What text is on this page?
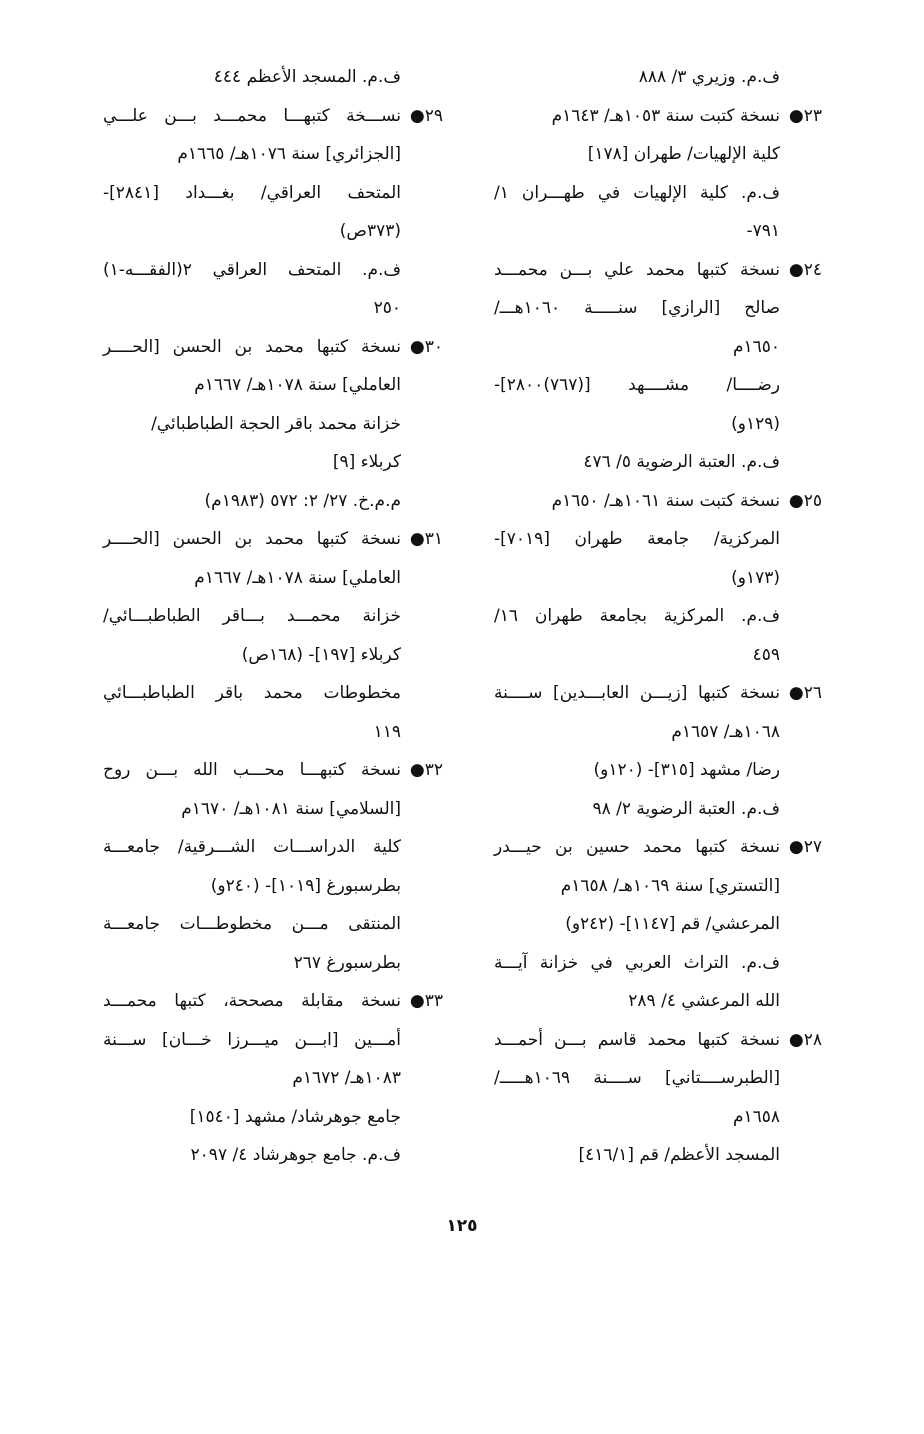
ف.م. وزيري ٣/ ٨٨٨
٢٣●
نسخة كتبت سنة ١٠٥٣هـ/ ١٦٤٣م
كلية الإلهيات/ طهران [١٧٨]
ف.م. كلية الإلهيات في طهـــران ١/
٧٩١-
٢٤●
نسخة كتبها محمد علي بـــن محمـــد
صالح [الرازي] سنـــــة ١٠٦٠هـــ/
١٦٥٠م
رضــــا/ مشــــهد [(٧٦٧)٢٨٠٠]-
(١٢٩و)
ف.م. العتبة الرضوية ٥/ ٤٧٦
٢٥●
نسخة كتبت سنة ١٠٦١هـ/ ١٦٥٠م
المركزية/ جامعة طهران [٧٠١٩]-
(١٧٣و)
ف.م. المركزية بجامعة طهران ١٦/
٤٥٩
٢٦●
نسخة كتبها [زيـــن العابـــدين] ســــنة
١٠٦٨هـ/ ١٦٥٧م
رضا/ مشهد [٣١٥]- (١٢٠و)
ف.م. العتبة الرضوية ٢/ ٩٨
٢٧●
نسخة كتبها محمد حسين بن حيـــدر
[التستري] سنة ١٠٦٩هـ/ ١٦٥٨م
المرعشي/ قم [١١٤٧]- (٢٤٢و)
ف.م. التراث العربي في خزانة آيـــة
الله المرعشي ٤/ ٢٨٩
٢٨●
نسخة كتبها محمد قاسم بـــن أحمـــد
[الطبرســــتاني] ســــنة ١٠٦٩هـــــ/
١٦٥٨م
المسجد الأعظم/ قم [٤١٦/١]
ف.م. المسجد الأعظم ٤٤٤
٢٩●
نســـخة كتبهـــا محمـــد بـــن علـــي
[الجزائري] سنة ١٠٧٦هـ/ ١٦٦٥م
المتحف العراقي/ بغـــداد [٢٨٤١]-
(٣٧٣ص)
ف.م. المتحف العراقي ٢(الفقـــه-١)
٢٥٠
٣٠●
نسخة كتبها محمد بن الحسن [الحــــر
العاملي] سنة ١٠٧٨هـ/ ١٦٦٧م
خزانة محمد باقر الحجة الطباطبائي/
كربلاء [٩]
م.م.خ. ٢٧/ ٢: ٥٧٢ (١٩٨٣م)
٣١●
نسخة كتبها محمد بن الحسن [الحــــر
العاملي] سنة ١٠٧٨هـ/ ١٦٦٧م
خزانة محمـــد بـــاقر الطباطبـــائي/
كربلاء [١٩٧]- (١٦٨ص)
مخطوطات محمد باقر الطباطبـــائي
١١٩
٣٢●
نسخة كتبهـــا محـــب الله بـــن روح
[السلامي] سنة ١٠٨١هـ/ ١٦٧٠م
كلية الدراســـات الشـــرقية/ جامعـــة
بطرسبورغ [١٠١٩]- (٢٤٠و)
المنتقى مـــن مخطوطـــات جامعـــة
بطرسبورغ ٢٦٧
٣٣●
نسخة مقابلة مصححة، كتبها محمـــد
أمـــين [ابـــن ميـــرزا خـــان] ســـنة
١٠٨٣هـ/ ١٦٧٢م
جامع جوهرشاد/ مشهد [١٥٤٠]
ف.م. جامع جوهرشاد ٤/ ٢٠٩٧
١٢٥
